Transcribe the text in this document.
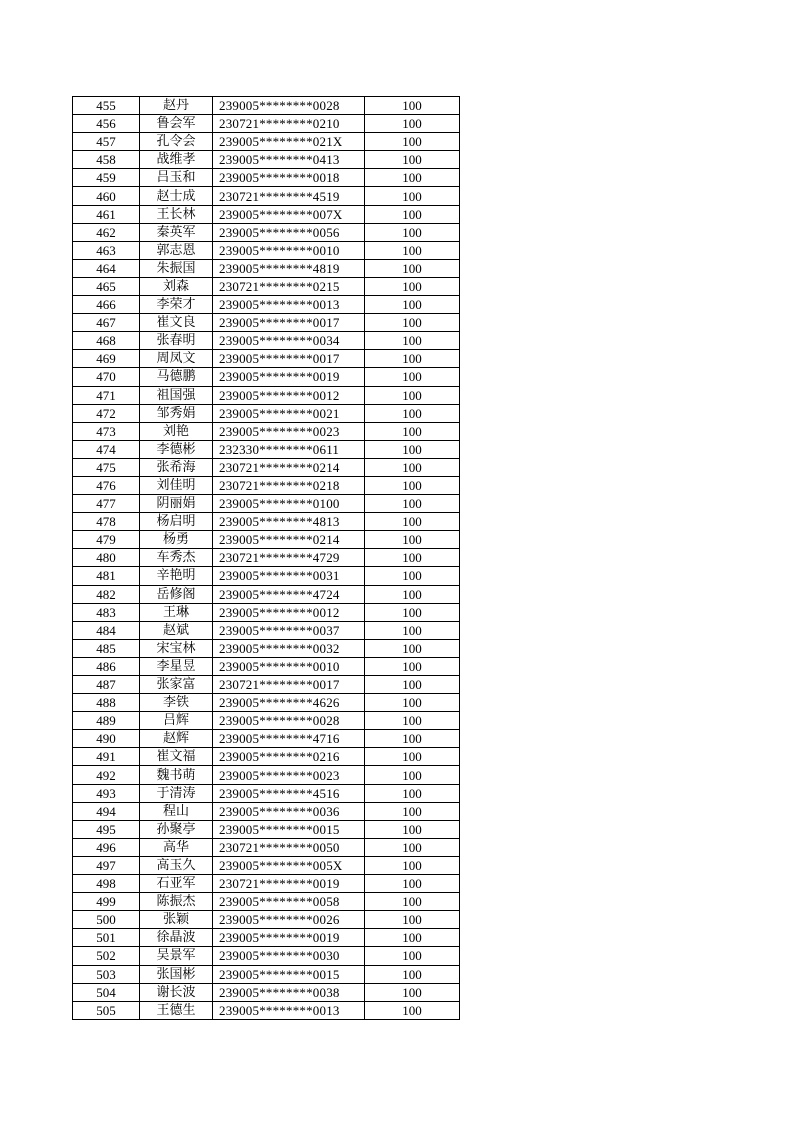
455	赵丹	239005********0028	100
456	鲁会军	230721********0210	100
457	孔令会	239005********021X	100
458	战维孝	239005********0413	100
459	吕玉和	239005********0018	100
460	赵士成	230721********4519	100
461	王长林	239005********007X	100
462	秦英军	239005********0056	100
463	郭志恩	239005********0010	100
464	朱振国	239005********4819	100
465	刘森	230721********0215	100
466	李荣才	239005********0013	100
467	崔文良	239005********0017	100
468	张春明	239005********0034	100
469	周凤文	239005********0017	100
470	马德鹏	239005********0019	100
471	祖国强	239005********0012	100
472	邹秀娟	239005********0021	100
473	刘艳	239005********0023	100
474	李德彬	232330********0611	100
475	张希海	230721********0214	100
476	刘佳明	230721********0218	100
477	阴丽娟	239005********0100	100
478	杨启明	239005********4813	100
479	杨勇	239005********0214	100
480	车秀杰	230721********4729	100
481	辛艳明	239005********0031	100
482	岳修阁	239005********4724	100
483	王琳	239005********0012	100
484	赵斌	239005********0037	100
485	宋宝林	239005********0032	100
486	李星昱	239005********0010	100
487	张家富	230721********0017	100
488	李铁	239005********4626	100
489	吕辉	239005********0028	100
490	赵辉	239005********4716	100
491	崔文福	239005********0216	100
492	魏书萌	239005********0023	100
493	于清涛	239005********4516	100
494	程山	239005********0036	100
495	孙聚亭	239005********0015	100
496	高华	230721********0050	100
497	高玉久	239005********005X	100
498	石亚军	230721********0019	100
499	陈振杰	239005********0058	100
500	张颖	239005********0026	100
501	徐晶波	239005********0019	100
502	吴景军	239005********0030	100
503	张国彬	239005********0015	100
504	谢长波	239005********0038	100
505	王德生	239005********0013	100
